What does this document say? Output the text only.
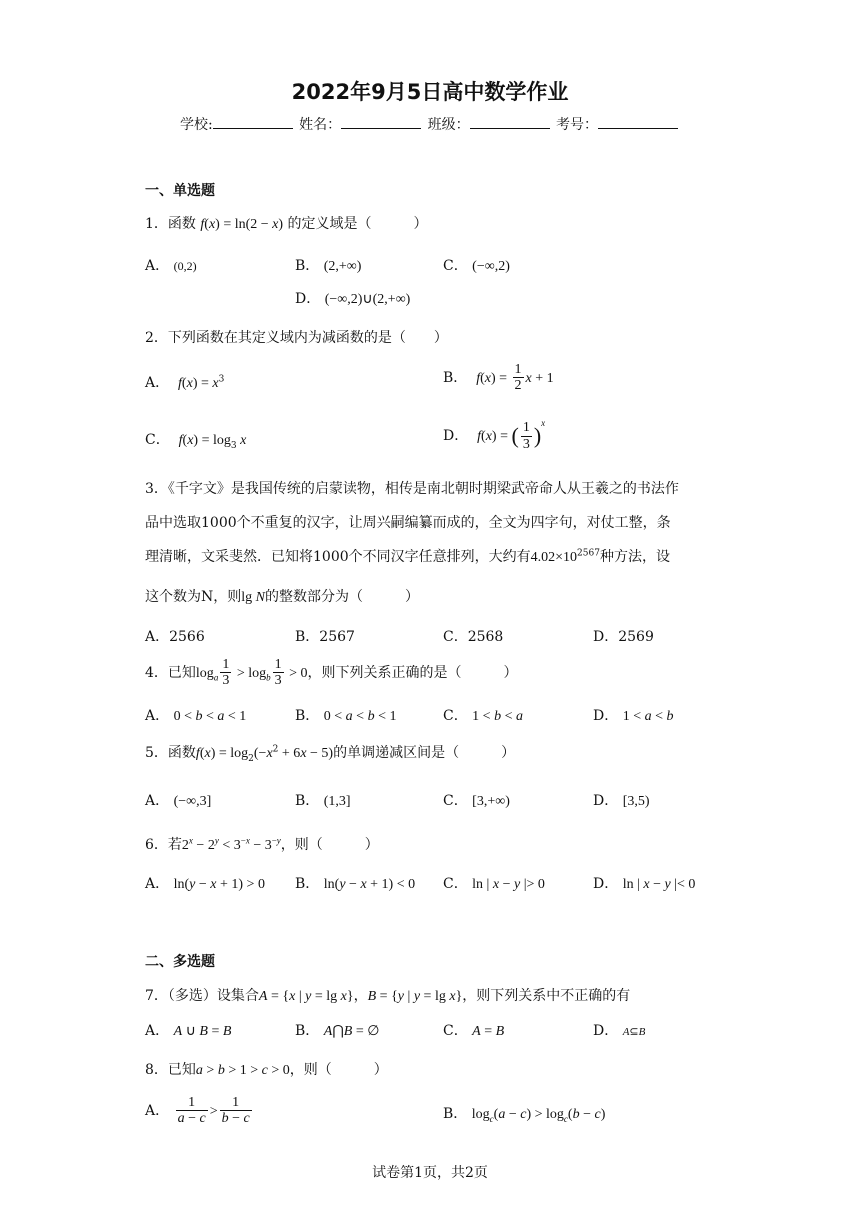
2022年9月5日高中数学作业
学校:	姓名：	班级：	考号：
一、单选题
1．函数 f(x) = ln(2 − x) 的定义域是（　　　）
A． (0,2)	B． (2,+∞)	C． (−∞,2)
D． (−∞,2)∪(2,+∞)
2．下列函数在其定义域内为减函数的是（　　）
A． $f(x) = x^3$	B． $f(x) = \frac{1}{2}$ x + 1
C． $f(x) = \log_3 x$	D． f(x) = ( $\frac{1}{3} )^x$
3．《千字文》是我国传统的启蒙读物，相传是南北朝时期梁武帝命人从王羲之的书法作
品中选取1000个不重复的汉字，让周兴嗣编纂而成的，全文为四字句，对仗工整，条
理清晰，文采斐然．已知将1000个不同汉字任意排列，大约有$4.02\times 10^{2567}$种方法，设
这个数为N，则lg N的整数部分为（　　　）
A．2566	B．2567	C．2568	D．2569
4．已知$\log_a \frac{1}{3} > \log_b \frac{1}{3} > 0$，则下列关系正确的是（　　　）
A． 0 < b < a < 1	B． 0 < a < b < 1	C． 1 < b < a	D． 1 < a < b
5．函数$f(x) = \log_2(-x^2 + 6x - 5)$的单调递减区间是（　　　）
A． (−∞,3]	B． (1,3]	C． [3,+∞)	D． [3,5)
6．若$2^x - 2^y < 3^{-x} - 3^{-y}$，则（　　　）
A． ln(y − x + 1) > 0 B． ln(y − x + 1) < 0 C． ln | x − y |> 0	D． ln | x − y |< 0
二、多选题
7．（多选）设集合A = {x | y = lg x}，B = {y | y = lg x}，则下列关系中不正确的有
A． A ∪ B = B	B． A⋂B = ∅	C． A = B	D． A⊆B
8．已知a > b > 1 > c > 0，则（　　　）
A． $\frac{1}{a - c} > \frac{1}{b - c}$	B． $\log_c(a - c) > \log_c(b - c)$
试卷第1页，共2页
